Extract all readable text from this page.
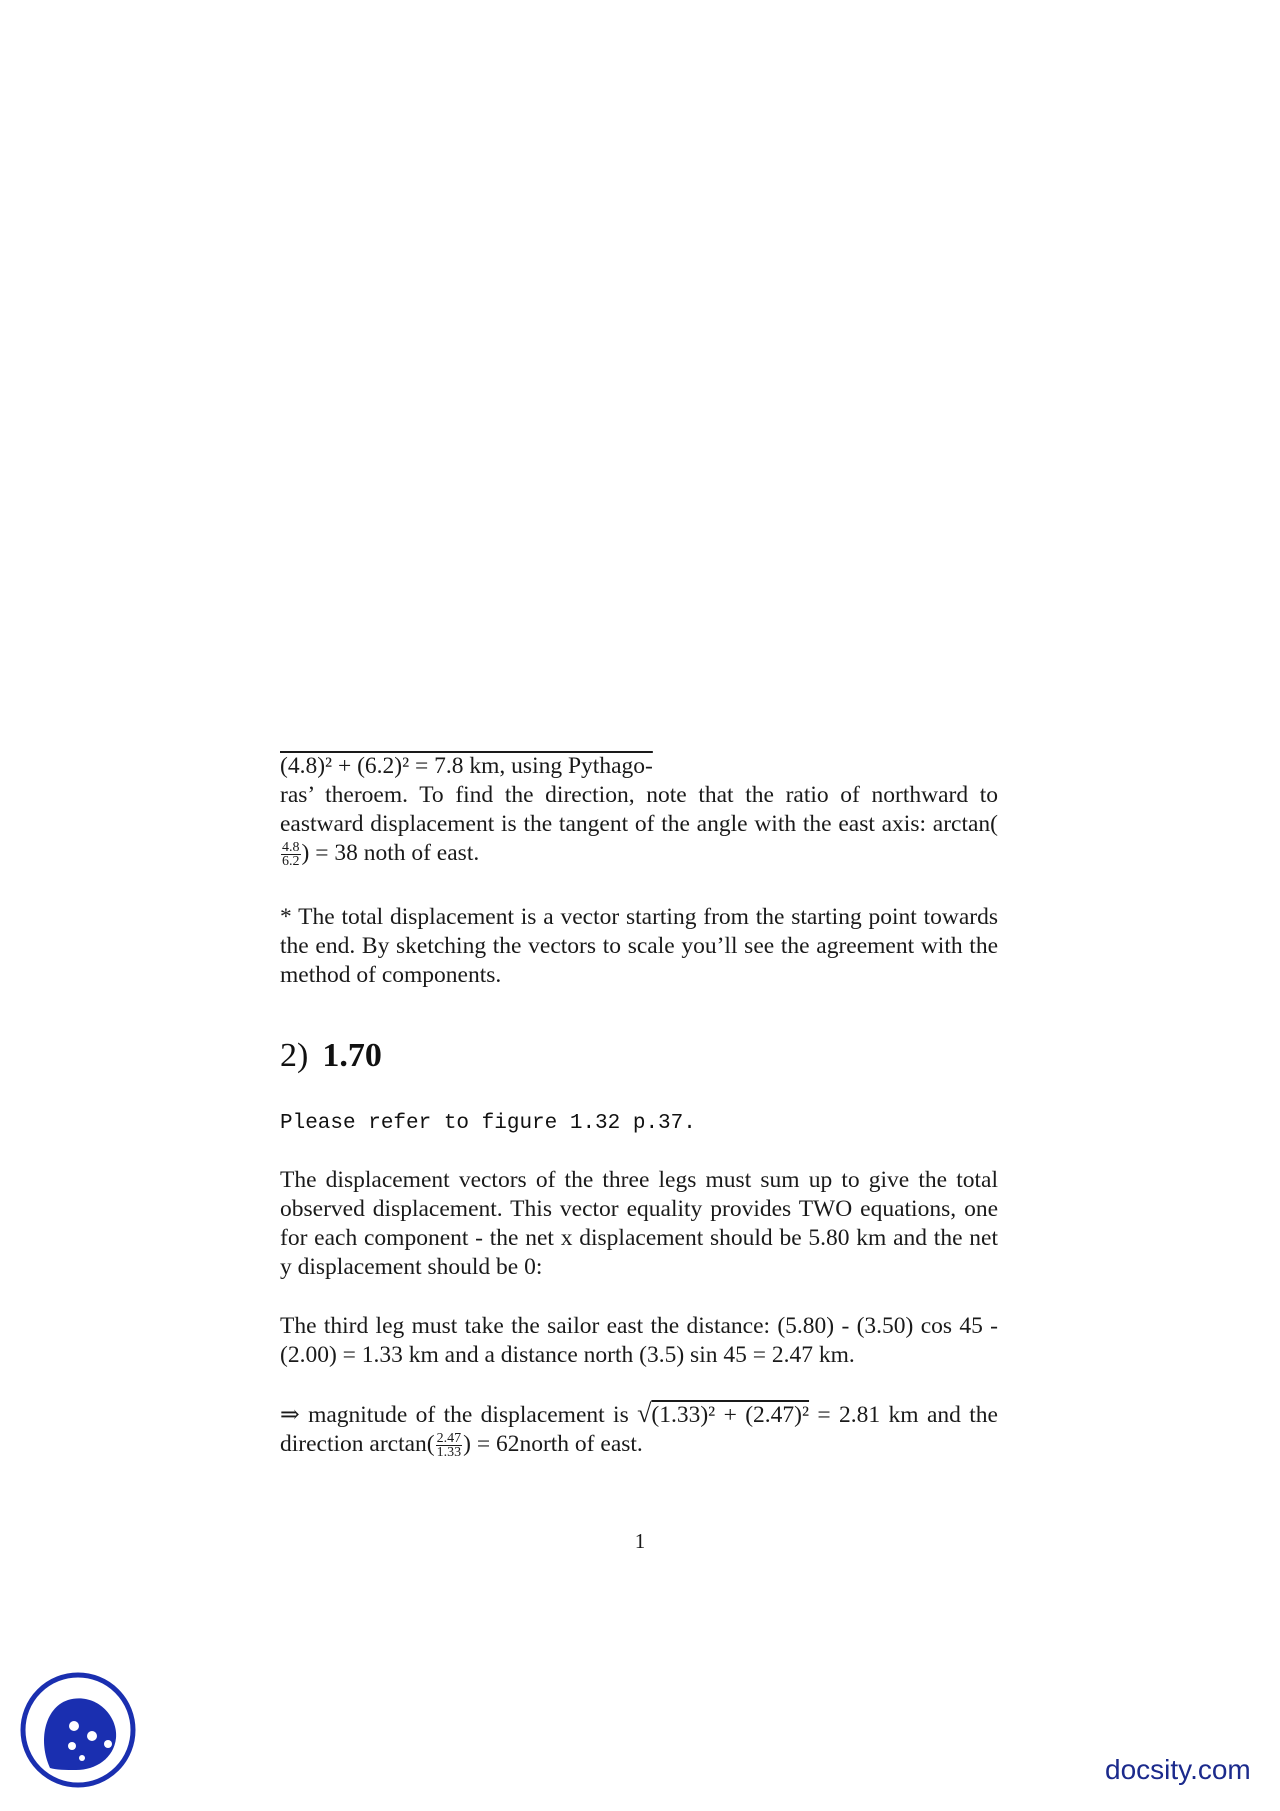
(4.8)² + (6.2)² = 7.8 km, using Pythago-
ras’ theroem. To find the direction, note that the ratio of northward to eastward displacement is the tangent of the angle with the east axis: arctan(
$\frac{4.8}{6.2}$ ) = 38 noth of east.
* The total displacement is a vector starting from the starting point towards the end. By sketching the vectors to scale you’ll see the agreement with the method of components.
2) 1.70
Please refer to figure 1.32 p.37.
The displacement vectors of the three legs must sum up to give the total observed displacement. This vector equality provides TWO equations, one for each component - the net x displacement should be 5.80 km and the net y displacement should be 0:
The third leg must take the sailor east the distance: (5.80) - (3.50) cos 45 - (2.00) = 1.33 km and a distance north (3.5) sin 45 = 2.47 km.
⇒ magnitude of the displacement is √(1.33)² + (2.47)² = 2.81 km and the direction $\arctan( \frac{2.47}{1.33}$ ) = 62north of east.
1
docsity.com
